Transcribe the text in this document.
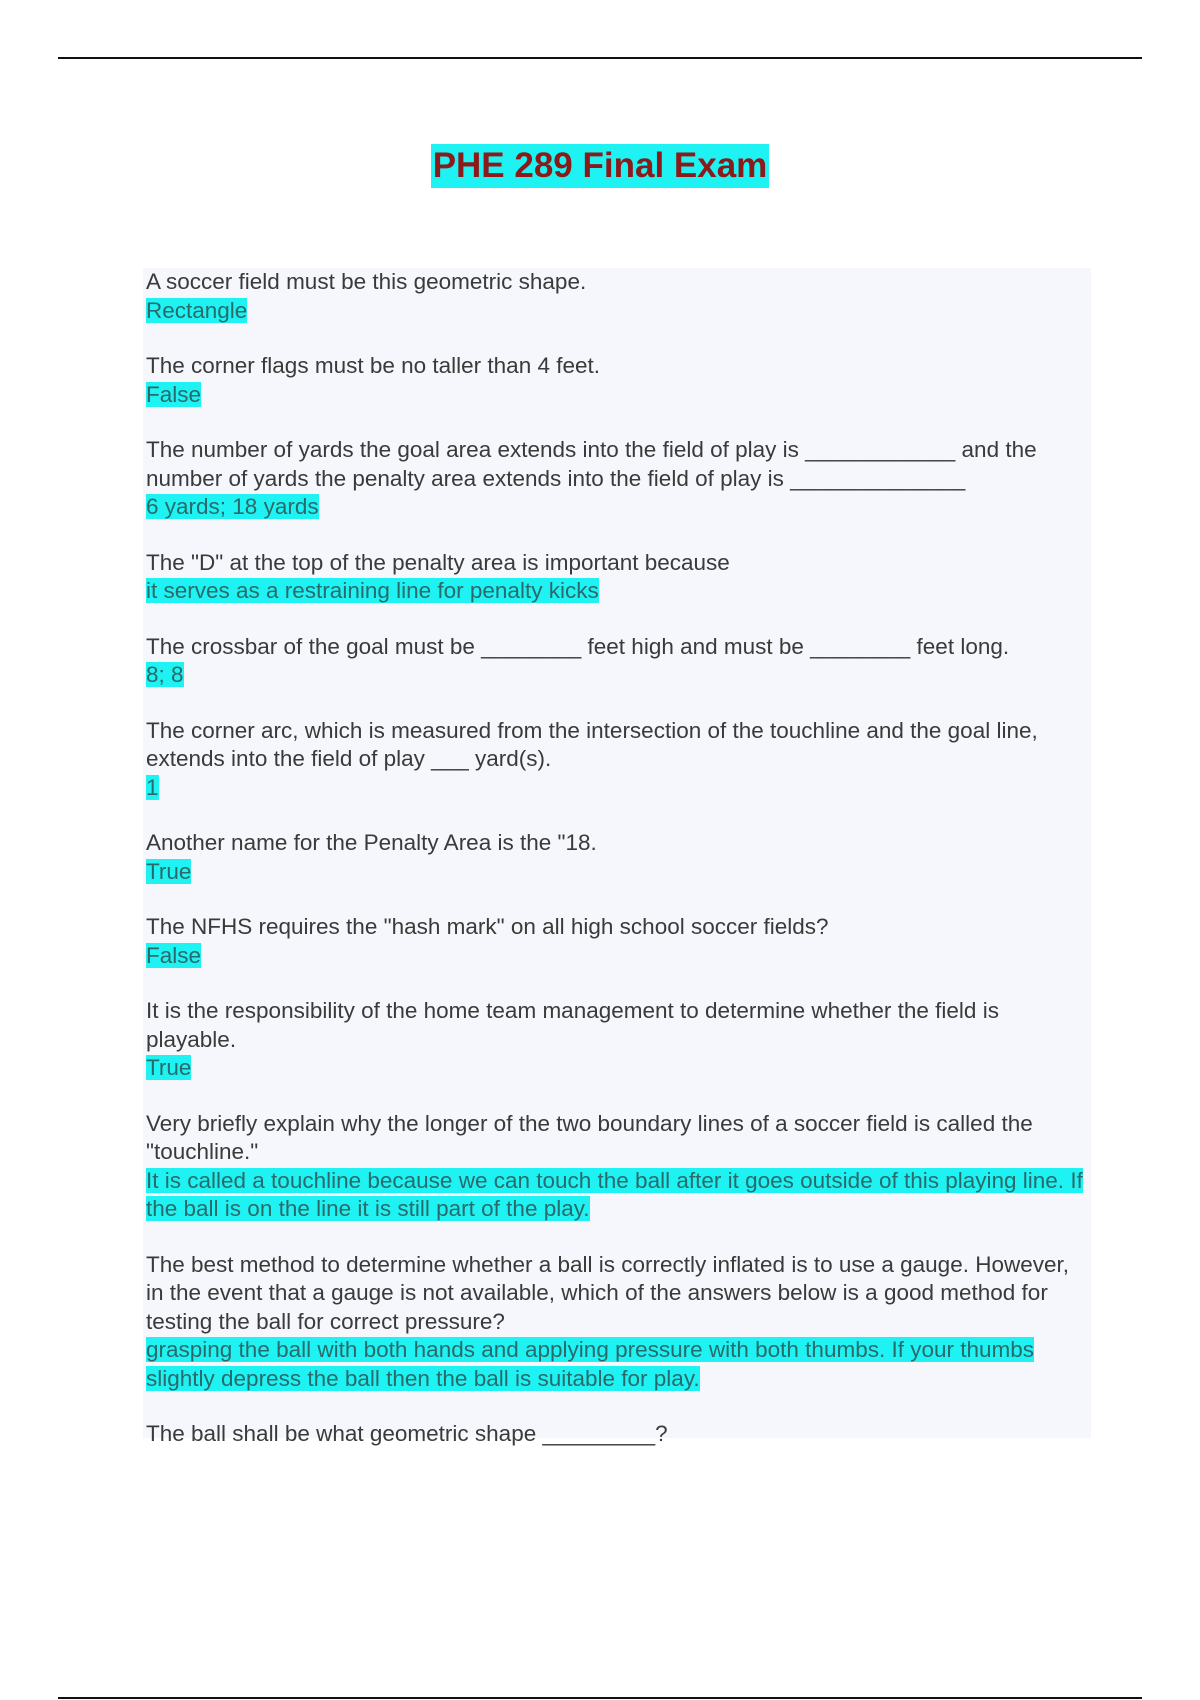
PHE 289 Final Exam

A soccer field must be this geometric shape.

Rectangle

The corner flags must be no taller than 4 feet.

False

The number of yards the goal area extends into the field of play is ____________ and the number of yards the penalty area extends into the field of play is ______________

6 yards; 18 yards

The "D" at the top of the penalty area is important because

it serves as a restraining line for penalty kicks

The crossbar of the goal must be ________ feet high and must be ________ feet long.

8; 8

The corner arc, which is measured from the intersection of the touchline and the goal line, extends into the field of play ___ yard(s).

1

Another name for the Penalty Area is the "18.

True

The NFHS requires the "hash mark" on all high school soccer fields?

False

It is the responsibility of the home team management to determine whether the field is playable.

True

Very briefly explain why the longer of the two boundary lines of a soccer field is called the "touchline."

It is called a touchline because we can touch the ball after it goes outside of this playing line. If the ball is on the line it is still part of the play.

The best method to determine whether a ball is correctly inflated is to use a gauge. However, in the event that a gauge is not available, which of the answers below is a good method for testing the ball for correct pressure?

grasping the ball with both hands and applying pressure with both thumbs. If your thumbs slightly depress the ball then the ball is suitable for play.

The ball shall be what geometric shape _________?
